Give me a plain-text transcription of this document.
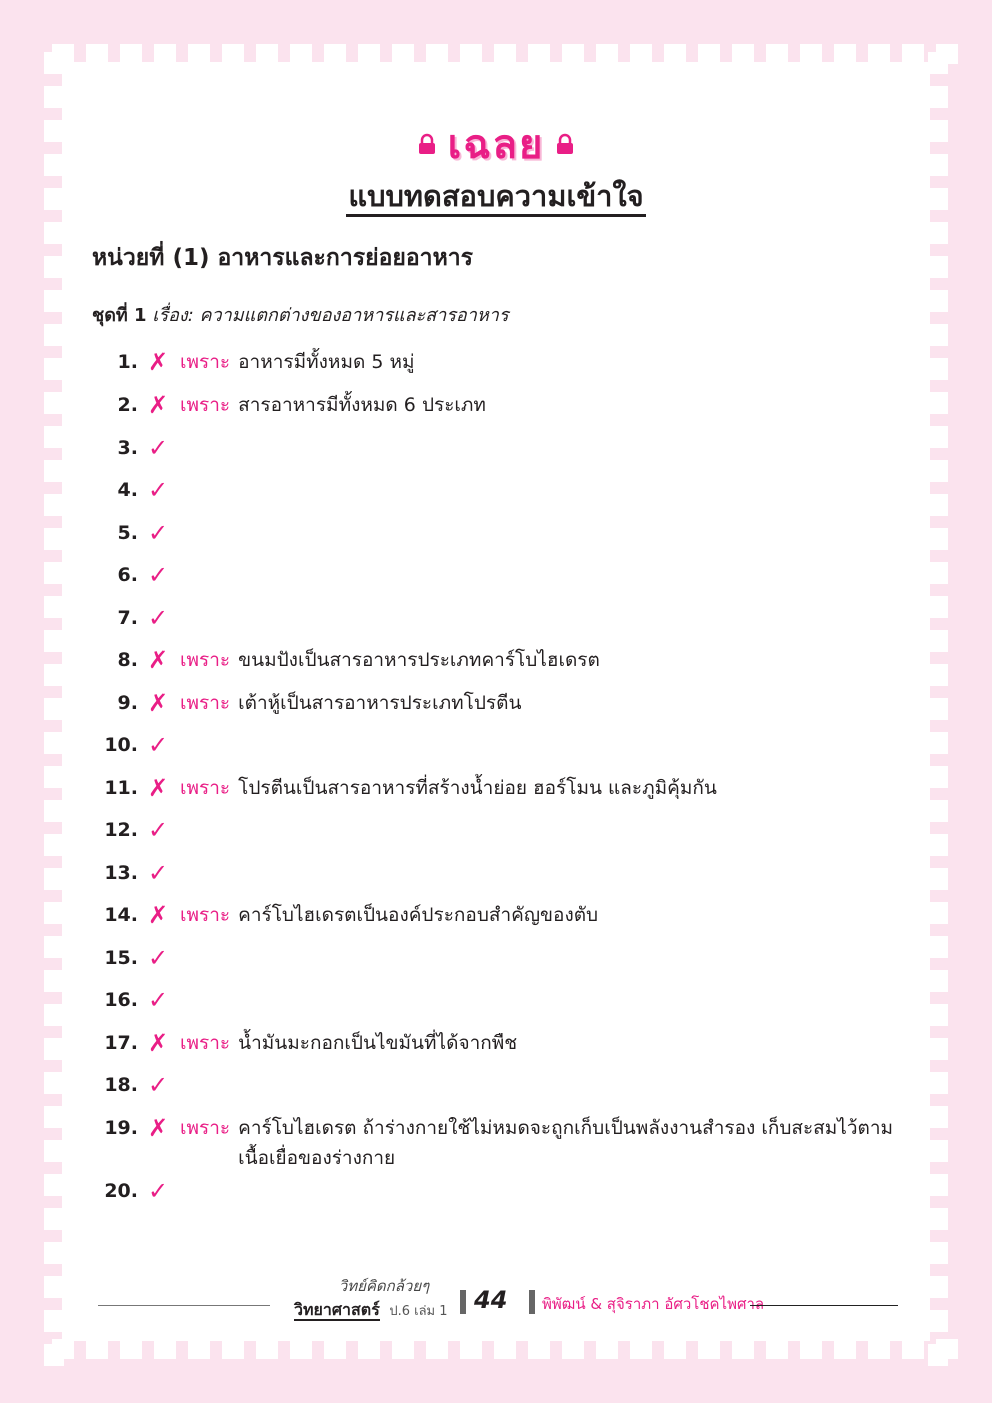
เฉลย
แบบทดสอบความเข้าใจ
หน่วยที่ (1) อาหารและการย่อยอาหาร
ชุดที่ 1 เรื่อง: ความแตกต่างของอาหารและสารอาหาร
1. ✗ เพราะ อาหารมีทั้งหมด 5 หมู่
2. ✗ เพราะ สารอาหารมีทั้งหมด 6 ประเภท
3. ✓
4. ✓
5. ✓
6. ✓
7. ✓
8. ✗ เพราะ ขนมปังเป็นสารอาหารประเภทคาร์โบไฮเดรต
9. ✗ เพราะ เต้าหู้เป็นสารอาหารประเภทโปรตีน
10. ✓
11. ✗ เพราะ โปรตีนเป็นสารอาหารที่สร้างน้ำย่อย ฮอร์โมน และภูมิคุ้มกัน
12. ✓
13. ✓
14. ✗ เพราะ คาร์โบไฮเดรตเป็นองค์ประกอบสำคัญของตับ
15. ✓
16. ✓
17. ✗ เพราะ น้ำมันมะกอกเป็นไขมันที่ได้จากพืช
18. ✓
19. ✗ เพราะ คาร์โบไฮเดรต ถ้าร่างกายใช้ไม่หมดจะถูกเก็บเป็นพลังงานสำรอง เก็บสะสมไว้ตามเนื้อเยื่อของร่างกาย
20. ✓
วิทย์คิดกล้วยๆ
วิทยาศาสตร์ ป.6 เล่ม 1 44 พิพัฒน์ & สุจิราภา อัศวโชคไพศาล
